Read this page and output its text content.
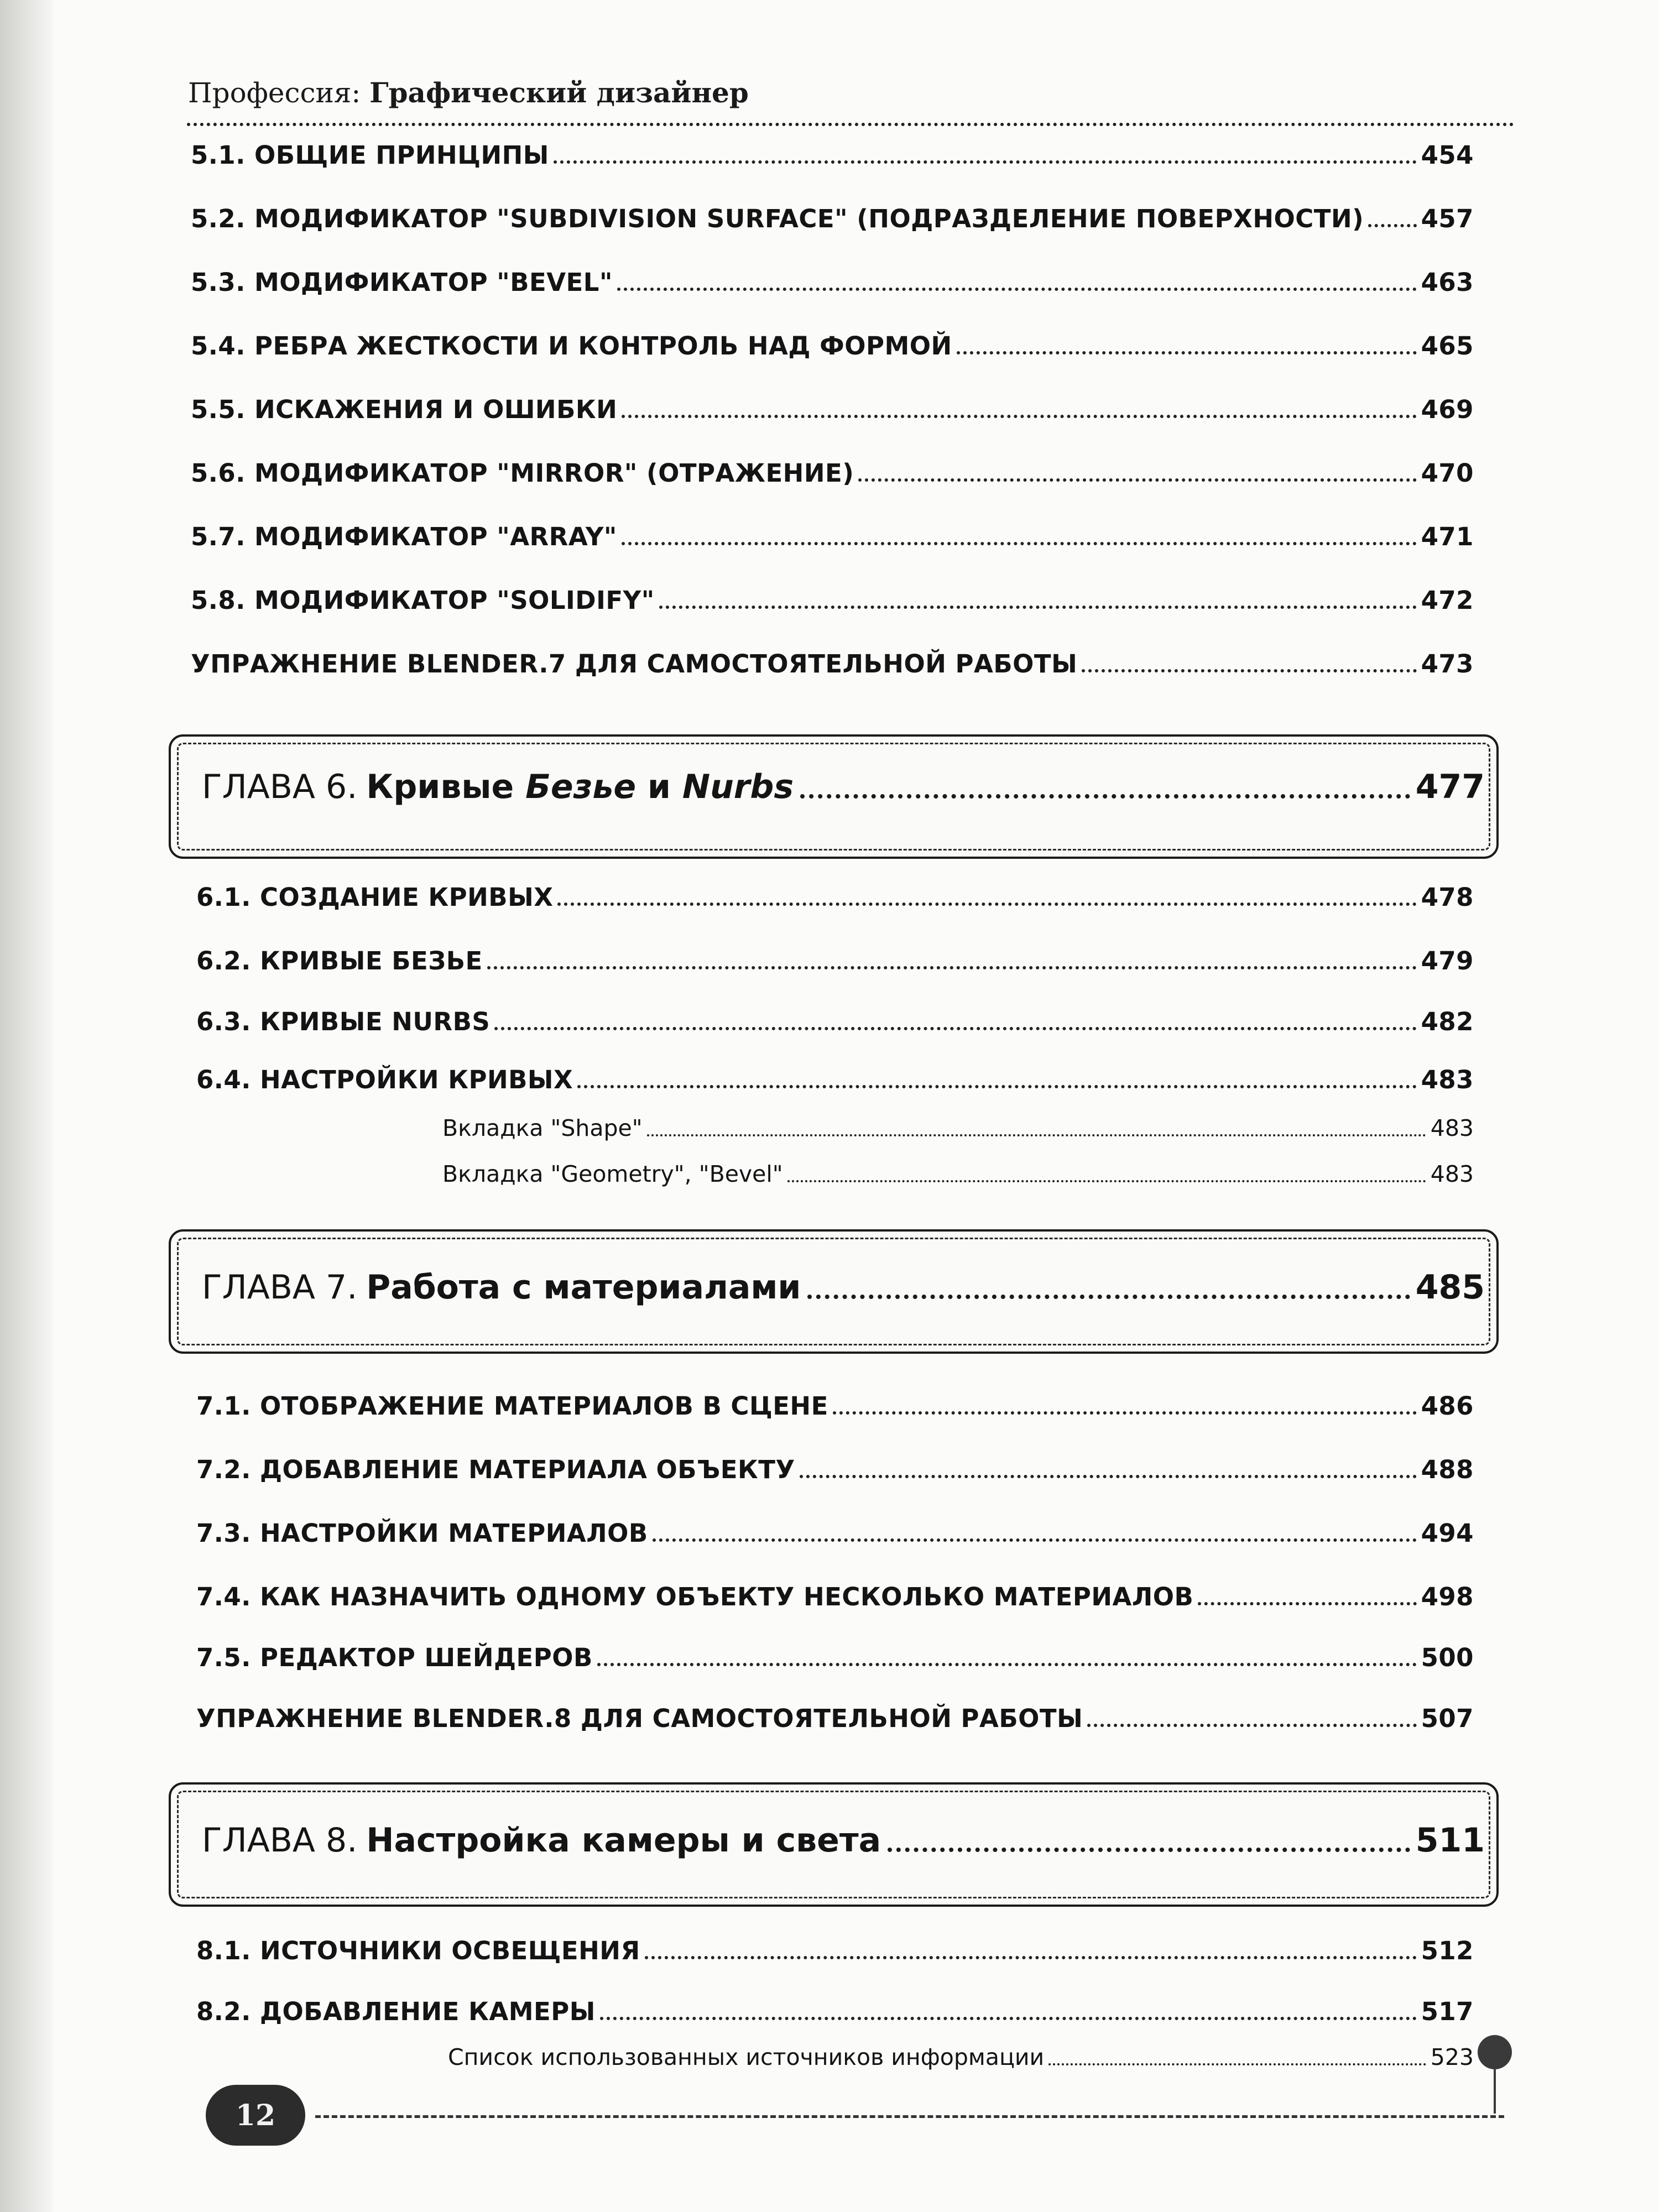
Профессия: Графический дизайнер
5.1. ОБЩИЕ ПРИНЦИПЫ	454
5.2. МОДИФИКАТОР "SUBDIVISION SURFACE" (ПОДРАЗДЕЛЕНИЕ ПОВЕРХНОСТИ) 457
5.3. МОДИФИКАТОР "BEVEL"	463
5.4. РЕБРА ЖЕСТКОСТИ И КОНТРОЛЬ НАД ФОРМОЙ	465
5.5. ИСКАЖЕНИЯ И ОШИБКИ	469
5.6. МОДИФИКАТОР "MIRROR" (ОТРАЖЕНИЕ)	470
5.7. МОДИФИКАТОР "ARRAY"	471
5.8. МОДИФИКАТОР "SOLIDIFY"	472
УПРАЖНЕНИЕ BLENDER.7 ДЛЯ САМОСТОЯТЕЛЬНОЙ РАБОТЫ	473
ГЛАВА 6. Кривые Безье и Nurbs	477
6.1. СОЗДАНИЕ КРИВЫХ	478
6.2. КРИВЫЕ БЕЗЬЕ	479
6.3. КРИВЫЕ NURBS	482
6.4. НАСТРОЙКИ КРИВЫХ	483
Вкладка "Shape"	483
Вкладка "Geometry", "Bevel"	483
ГЛАВА 7. Работа с материалами	485
7.1. ОТОБРАЖЕНИЕ МАТЕРИАЛОВ В СЦЕНЕ	486
7.2. ДОБАВЛЕНИЕ МАТЕРИАЛА ОБЪЕКТУ	488
7.3. НАСТРОЙКИ МАТЕРИАЛОВ	494
7.4. КАК НАЗНАЧИТЬ ОДНОМУ ОБЪЕКТУ НЕСКОЛЬКО МАТЕРИАЛОВ	498
7.5. РЕДАКТОР ШЕЙДЕРОВ	500
УПРАЖНЕНИЕ BLENDER.8 ДЛЯ САМОСТОЯТЕЛЬНОЙ РАБОТЫ	507
ГЛАВА 8. Настройка камеры и света	511
8.1. ИСТОЧНИКИ ОСВЕЩЕНИЯ	512
8.2. ДОБАВЛЕНИЕ КАМЕРЫ	517
Список использованных источников информации	523
12
